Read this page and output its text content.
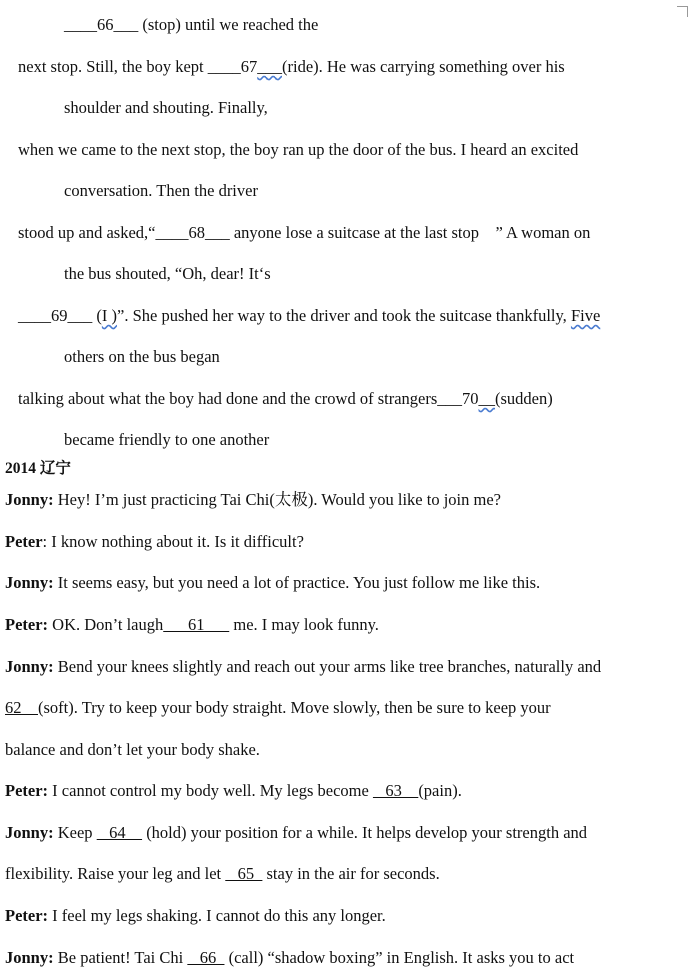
____66___ (stop) until we reached the
next stop. Still, the boy kept ____67___(ride). He was carrying something over his
shoulder and shouting. Finally,
when we came to the next stop, the boy ran up the door of the bus. I heard an excited
conversation. Then the driver
stood up and asked,“____68___ anyone lose a suitcase at the last stop　” A woman on
the bus shouted, “Oh, dear! It‘s
____69___ (I )”. She pushed her way to the driver and took the suitcase thankfully, Five
others on the bus began
talking about what the boy had done and the crowd of strangers___70__(sudden)
became friendly to one another
2014 辽宁
Jonny: Hey! I’m just practicing Tai Chi(太极). Would you like to join me?
Peter: I know nothing about it. Is it difficult?
Jonny: It seems easy, but you need a lot of practice. You just follow me like this.
Peter: OK. Don’t laugh  61   me. I may look funny.
Jonny: Bend your knees slightly and reach out your arms like tree branches, naturally and
62 (soft). Try to keep your body straight. Move slowly, then be sure to keep your
balance and don’t let your body shake.
Peter: I cannot control my body well. My legs become   63 (pain).
Jonny: Keep   64  (hold) your position for a while. It helps develop your strength and
flexibility. Raise your leg and let   65  stay in the air for seconds.
Peter: I feel my legs shaking. I cannot do this any longer.
Jonny: Be patient! Tai Chi   66  (call) “shadow boxing” in English. It asks you to act
